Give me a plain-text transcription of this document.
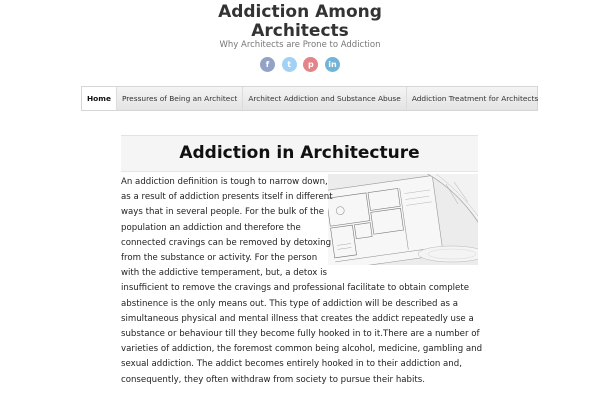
Addiction Among
Architects
Why Architects are Prone to Addiction
f	t	p	in
Home	Pressures of Being an Architect	Architect Addiction and Substance Abuse	Addiction Treatment for Architects
Addiction in Architecture
An addiction definition is tough to narrow down, as a result of addiction presents itself in different ways that in several people. For the bulk of the population an addiction and therefore the connected cravings can be removed by detoxing from the substance or activity. For the person with the addictive temperament, but, a detox is insufficient to remove the cravings and professional facilitate to obtain complete abstinence is the only means out. This type of addiction will be described as a simultaneous physical and mental illness that creates the addict repeatedly use a substance or behaviour till they become fully hooked in to it.There are a number of varieties of addiction, the foremost common being alcohol, medicine, gambling and sexual addiction. The addict becomes entirely hooked in to their addiction and, consequently, they often withdraw from society to pursue their habits.
